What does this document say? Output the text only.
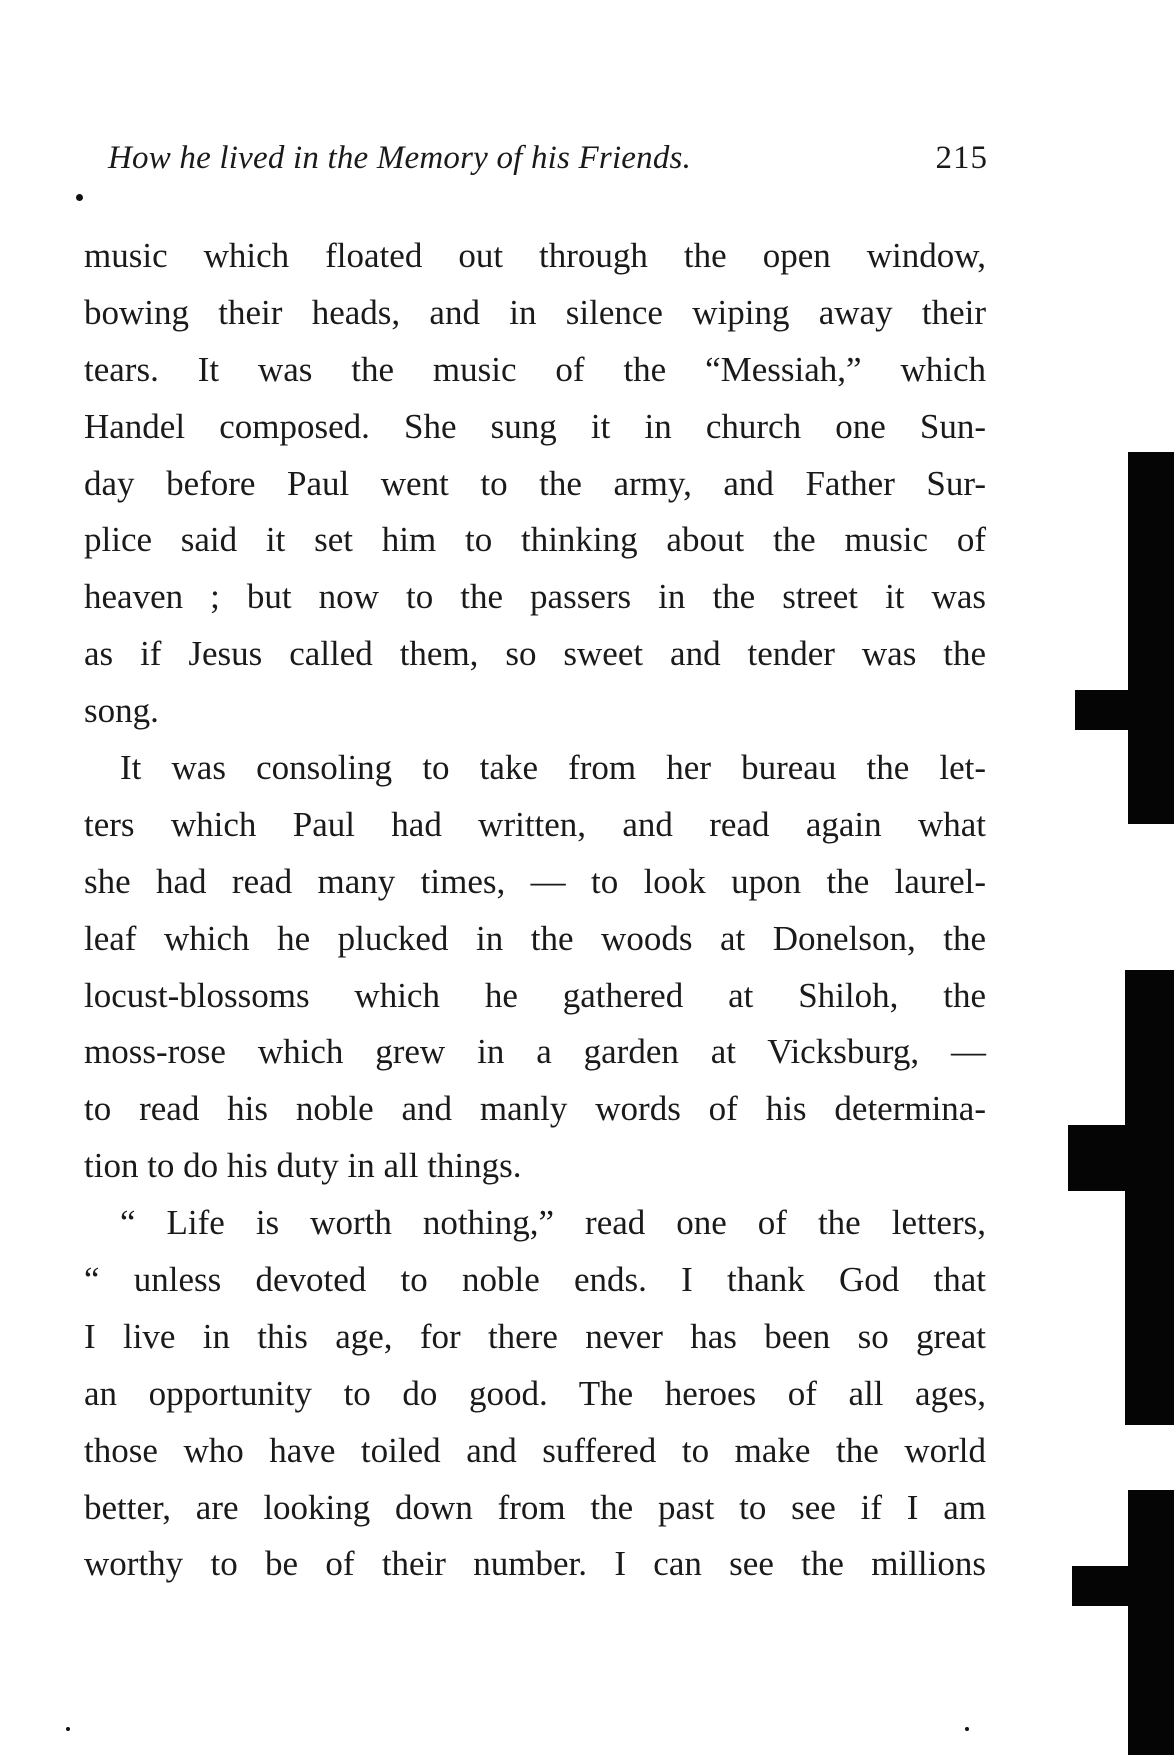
How he lived in the Memory of his Friends.	215
music which floated out through the open window,
bowing their heads, and in silence wiping away their
tears. It was the music of the “Messiah,” which
Handel composed. She sung it in church one Sun-
day before Paul went to the army, and Father Sur-
plice said it set him to thinking about the music of
heaven ; but now to the passers in the street it was
as if Jesus called them, so sweet and tender was the
song.
It was consoling to take from her bureau the let-
ters which Paul had written, and read again what
she had read many times, — to look upon the laurel-
leaf which he plucked in the woods at Donelson, the
locust-blossoms which he gathered at Shiloh, the
moss-rose which grew in a garden at Vicksburg, —
to read his noble and manly words of his determina-
tion to do his duty in all things.
“ Life is worth nothing,” read one of the letters,
“ unless devoted to noble ends. I thank God that
I live in this age, for there never has been so great
an opportunity to do good. The heroes of all ages,
those who have toiled and suffered to make the world
better, are looking down from the past to see if I am
worthy to be of their number. I can see the millions
